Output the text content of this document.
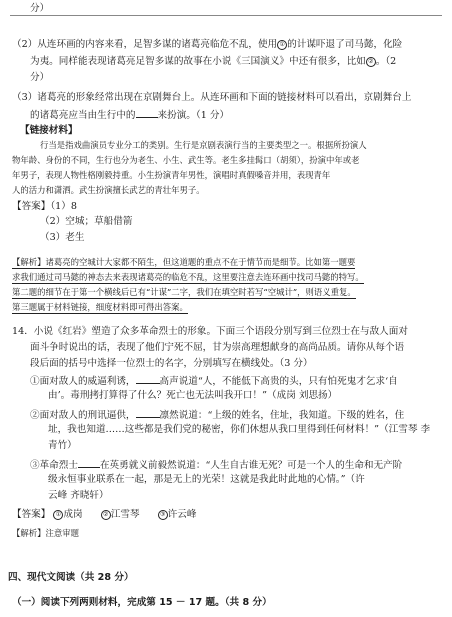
分）
（2）从连环画的内容来看，足智多谋的诸葛亮临危不乱，使用 ① 的计谋吓退了司马懿，化险
为夷。同样能表现诸葛亮足智多谋的故事在小说《三国演义》中还有很多，比如 ② 。（2
分）
（3）诸葛亮的形象经常出现在京剧舞台上。从连环画和下面的链接材料可以看出，京剧舞台上
的诸葛亮应当由生行中的 来扮演。（1 分）
【链接材料】
行当是指戏曲演员专业分工的类别。生行是京剧表演行当的主要类型之一。根据所扮演人
物年龄、身份的不同，生行也分为老生、小生、武生等。老生多挂髯口（胡须），扮演中年或老
年男子，表现人物性格刚毅持重。小生扮演青年男性，演唱时真假嗓音并用，表现青年
人的活力和潇洒。武生扮演擅长武艺的青壮年男子。
【答案】（1）8
（2）空城；草船借箭
（3）老生
【解析】诸葛亮的空城计大家都不陌生，但这道题的重点不在于情节而是细节。比如第一题要
求我们通过司马懿的神态去来表现诸葛亮的临危不乱，这里要注意去连环画中找司马懿的特写。
第二题的细节在于第一个横线后已有“计谋”二字，我们在填空时若写“空城计”，则语义重复。
第三题属于材料链接，细度材料即可得出答案。
14．小说《红岩》塑造了众多革命烈士的形象。下面三个语段分别写到三位烈士在与敌人面对
面斗争时说出的话，表现了他们宁死不屈，甘为崇高理想献身的高尚品质。请你从每个语
段后面的括号中选择一位烈士的名字，分别填写在横线处。（3 分）
①面对敌人的威逼利诱，	高声说道“人，不能低下高贵的头，只有怕死鬼才乞求‘自
由’。毒刑拷打算得了什么？死亡也无法叫我开口！”（成岗 刘思扬）
②面对敌人的刑讯逼供，	凛然说道：“上级的姓名，住址，我知道。下级的姓名，住
址，我也知道……这些都是我们党的秘密，你们休想从我口里得到任何材料！”（江雪琴 李
青竹）
③革命烈士 在英勇就义前毅然说道：“人生自古谁无死？可是一个人的生命和无产阶
级永恒事业联系在一起，那是无上的光荣！这就是我此时此地的心情。”（许
云峰 齐晓轩）
【答案】 ① 成岗	② 江雪琴	③ 许云峰
【解析】注意审题
四、现代文阅读（共 28 分）
（一）阅读下列两则材料，完成第 15 － 17 题。（共 8 分）
